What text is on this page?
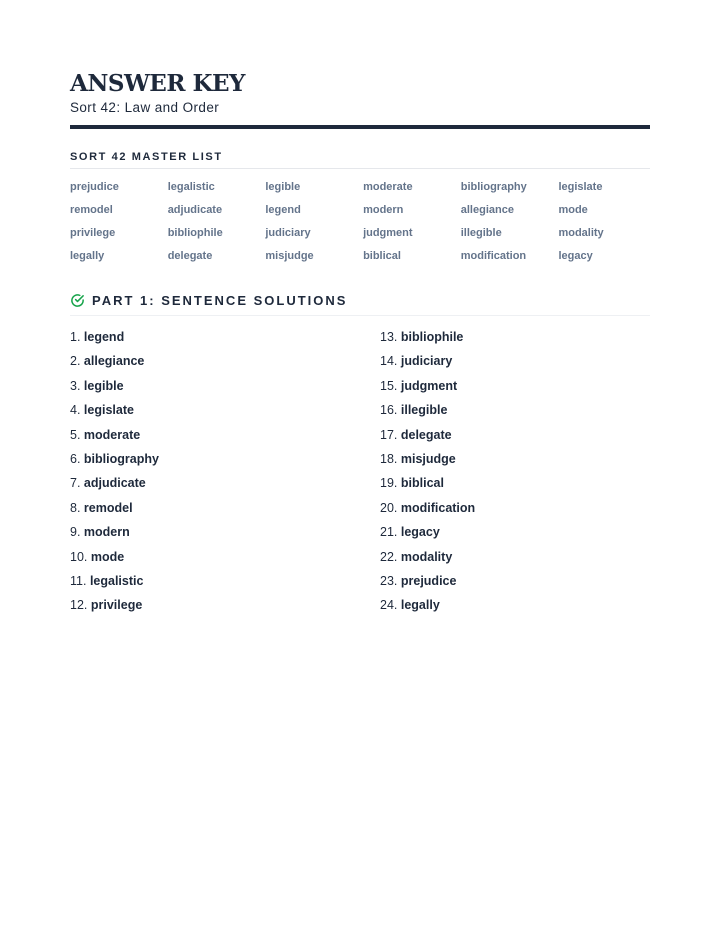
ANSWER KEY
Sort 42: Law and Order
SORT 42 MASTER LIST
prejudice	legalistic	legible	moderate	bibliography	legislate
remodel	adjudicate	legend	modern	allegiance	mode
privilege	bibliophile	judiciary	judgment	illegible	modality
legally	delegate	misjudge	biblical	modification	legacy
PART 1: SENTENCE SOLUTIONS
1. legend
2. allegiance
3. legible
4. legislate
5. moderate
6. bibliography
7. adjudicate
8. remodel
9. modern
10. mode
11. legalistic
12. privilege
13. bibliophile
14. judiciary
15. judgment
16. illegible
17. delegate
18. misjudge
19. biblical
20. modification
21. legacy
22. modality
23. prejudice
24. legally
